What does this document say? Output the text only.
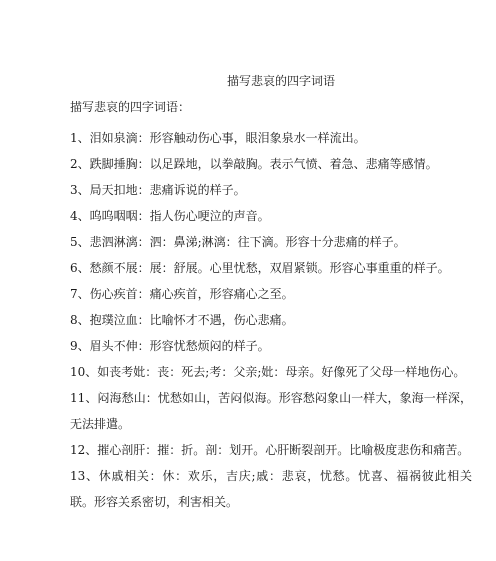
描写悲哀的四字词语

描写悲哀的四字词语：

1、泪如泉滴：形容触动伤心事，眼泪象泉水一样流出。

2、跌脚捶胸：以足跺地，以拳敲胸。表示气愤、着急、悲痛等感情。

3、局天扣地：悲痛诉说的样子。

4、呜呜咽咽：指人伤心哽泣的声音。

5、悲泗淋漓：泗：鼻涕;淋漓：往下滴。形容十分悲痛的样子。

6、愁颜不展：展：舒展。心里忧愁，双眉紧锁。形容心事重重的样子。

7、伤心疾首：痛心疾首，形容痛心之至。

8、抱璞泣血：比喻怀才不遇，伤心悲痛。

9、眉头不伸：形容忧愁烦闷的样子。

10、如丧考妣：丧：死去;考：父亲;妣：母亲。好像死了父母一样地伤心。

11、闷海愁山：忧愁如山，苦闷似海。形容愁闷象山一样大，象海一样深，无法排遣。

12、摧心剖肝：摧：折。剖：划开。心肝断裂剖开。比喻极度悲伤和痛苦。

13、休戚相关：休：欢乐，吉庆;戚：悲哀，忧愁。忧喜、福祸彼此相关联。形容关系密切，利害相关。
